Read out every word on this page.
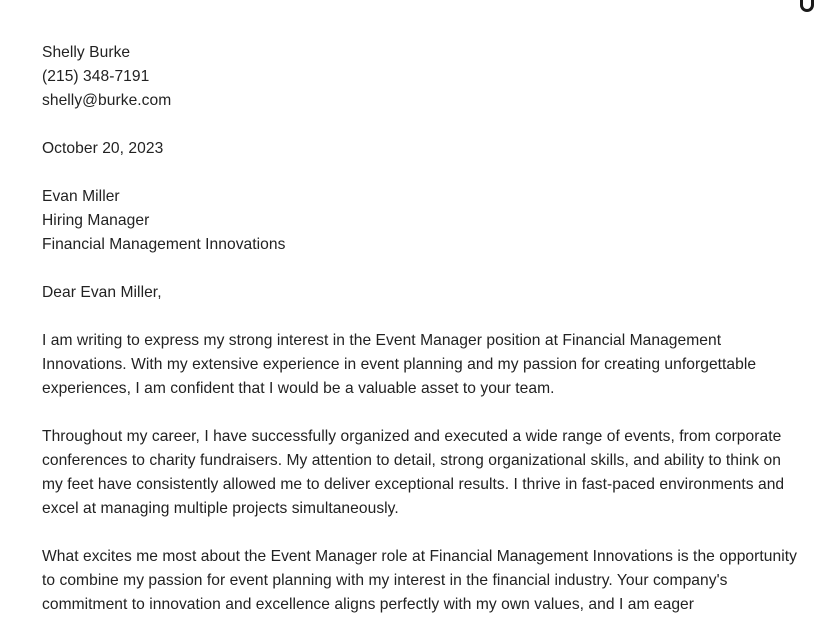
Shelly Burke
(215) 348-7191
shelly@burke.com
October 20, 2023
Evan Miller
Hiring Manager
Financial Management Innovations
Dear Evan Miller,

I am writing to express my strong interest in the Event Manager position at Financial Management Innovations. With my extensive experience in event planning and my passion for creating unforgettable experiences, I am confident that I would be a valuable asset to your team.

Throughout my career, I have successfully organized and executed a wide range of events, from corporate conferences to charity fundraisers. My attention to detail, strong organizational skills, and ability to think on my feet have consistently allowed me to deliver exceptional results. I thrive in fast-paced environments and excel at managing multiple projects simultaneously.

What excites me most about the Event Manager role at Financial Management Innovations is the opportunity to combine my passion for event planning with my interest in the financial industry. Your company's commitment to innovation and excellence aligns perfectly with my own values, and I am eager
